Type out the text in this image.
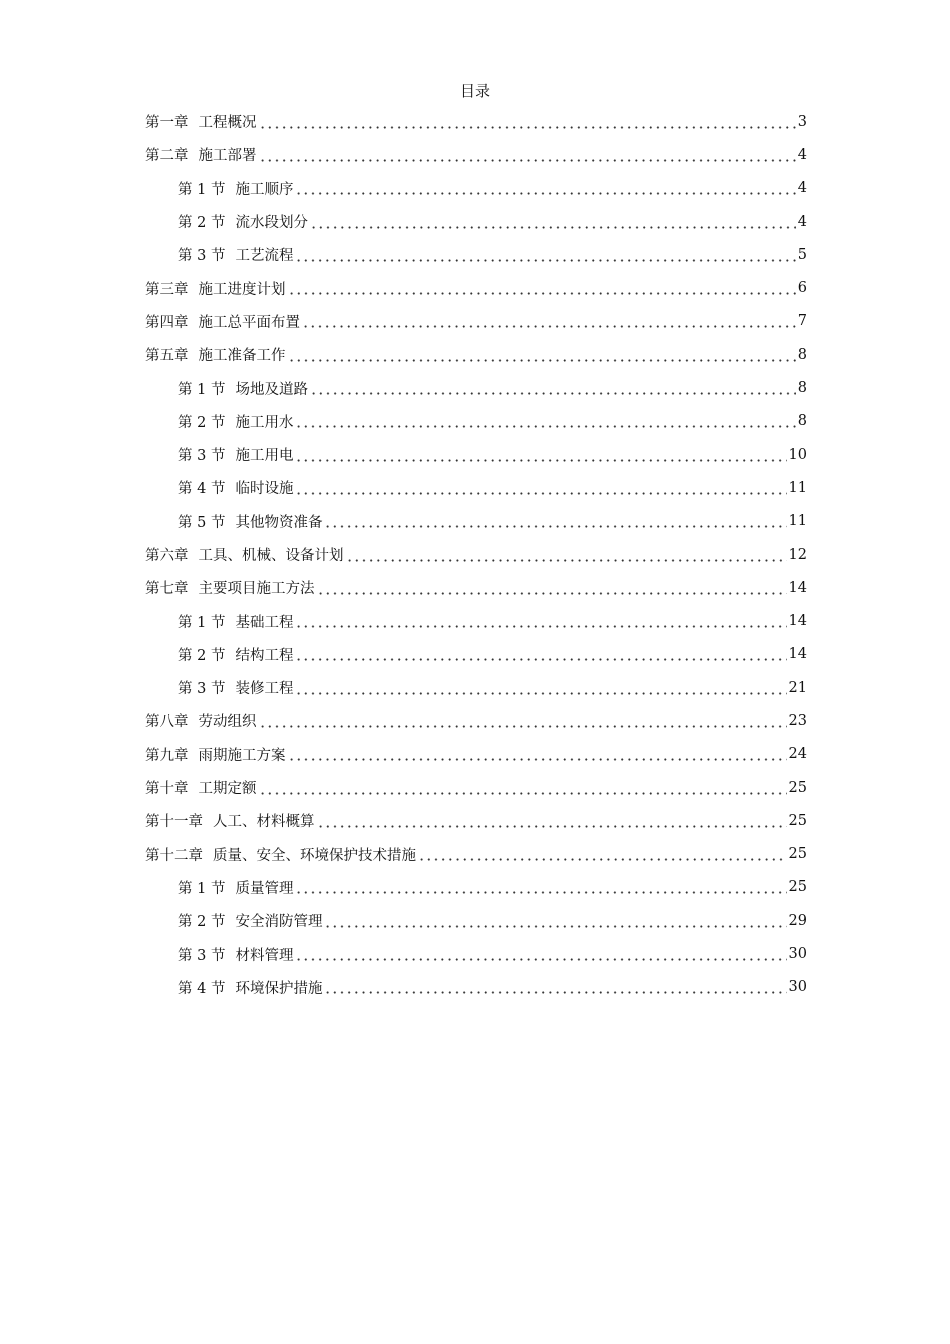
目录
第一章 工程概况	3
第二章 施工部署	4
第 1 节 施工顺序	4
第 2 节 流水段划分	4
第 3 节 工艺流程	5
第三章 施工进度计划	6
第四章 施工总平面布置	7
第五章 施工准备工作	8
第 1 节 场地及道路	8
第 2 节 施工用水	8
第 3 节 施工用电	10
第 4 节 临时设施	11
第 5 节 其他物资准备	11
第六章 工具、机械、设备计划	12
第七章 主要项目施工方法	14
第 1 节 基础工程	14
第 2 节 结构工程	14
第 3 节 装修工程	21
第八章 劳动组织	23
第九章 雨期施工方案	24
第十章 工期定额	25
第十一章 人工、材料概算	25
第十二章 质量、安全、环境保护技术措施	25
第 1 节 质量管理	25
第 2 节 安全消防管理	29
第 3 节 材料管理	30
第 4 节 环境保护措施	30
